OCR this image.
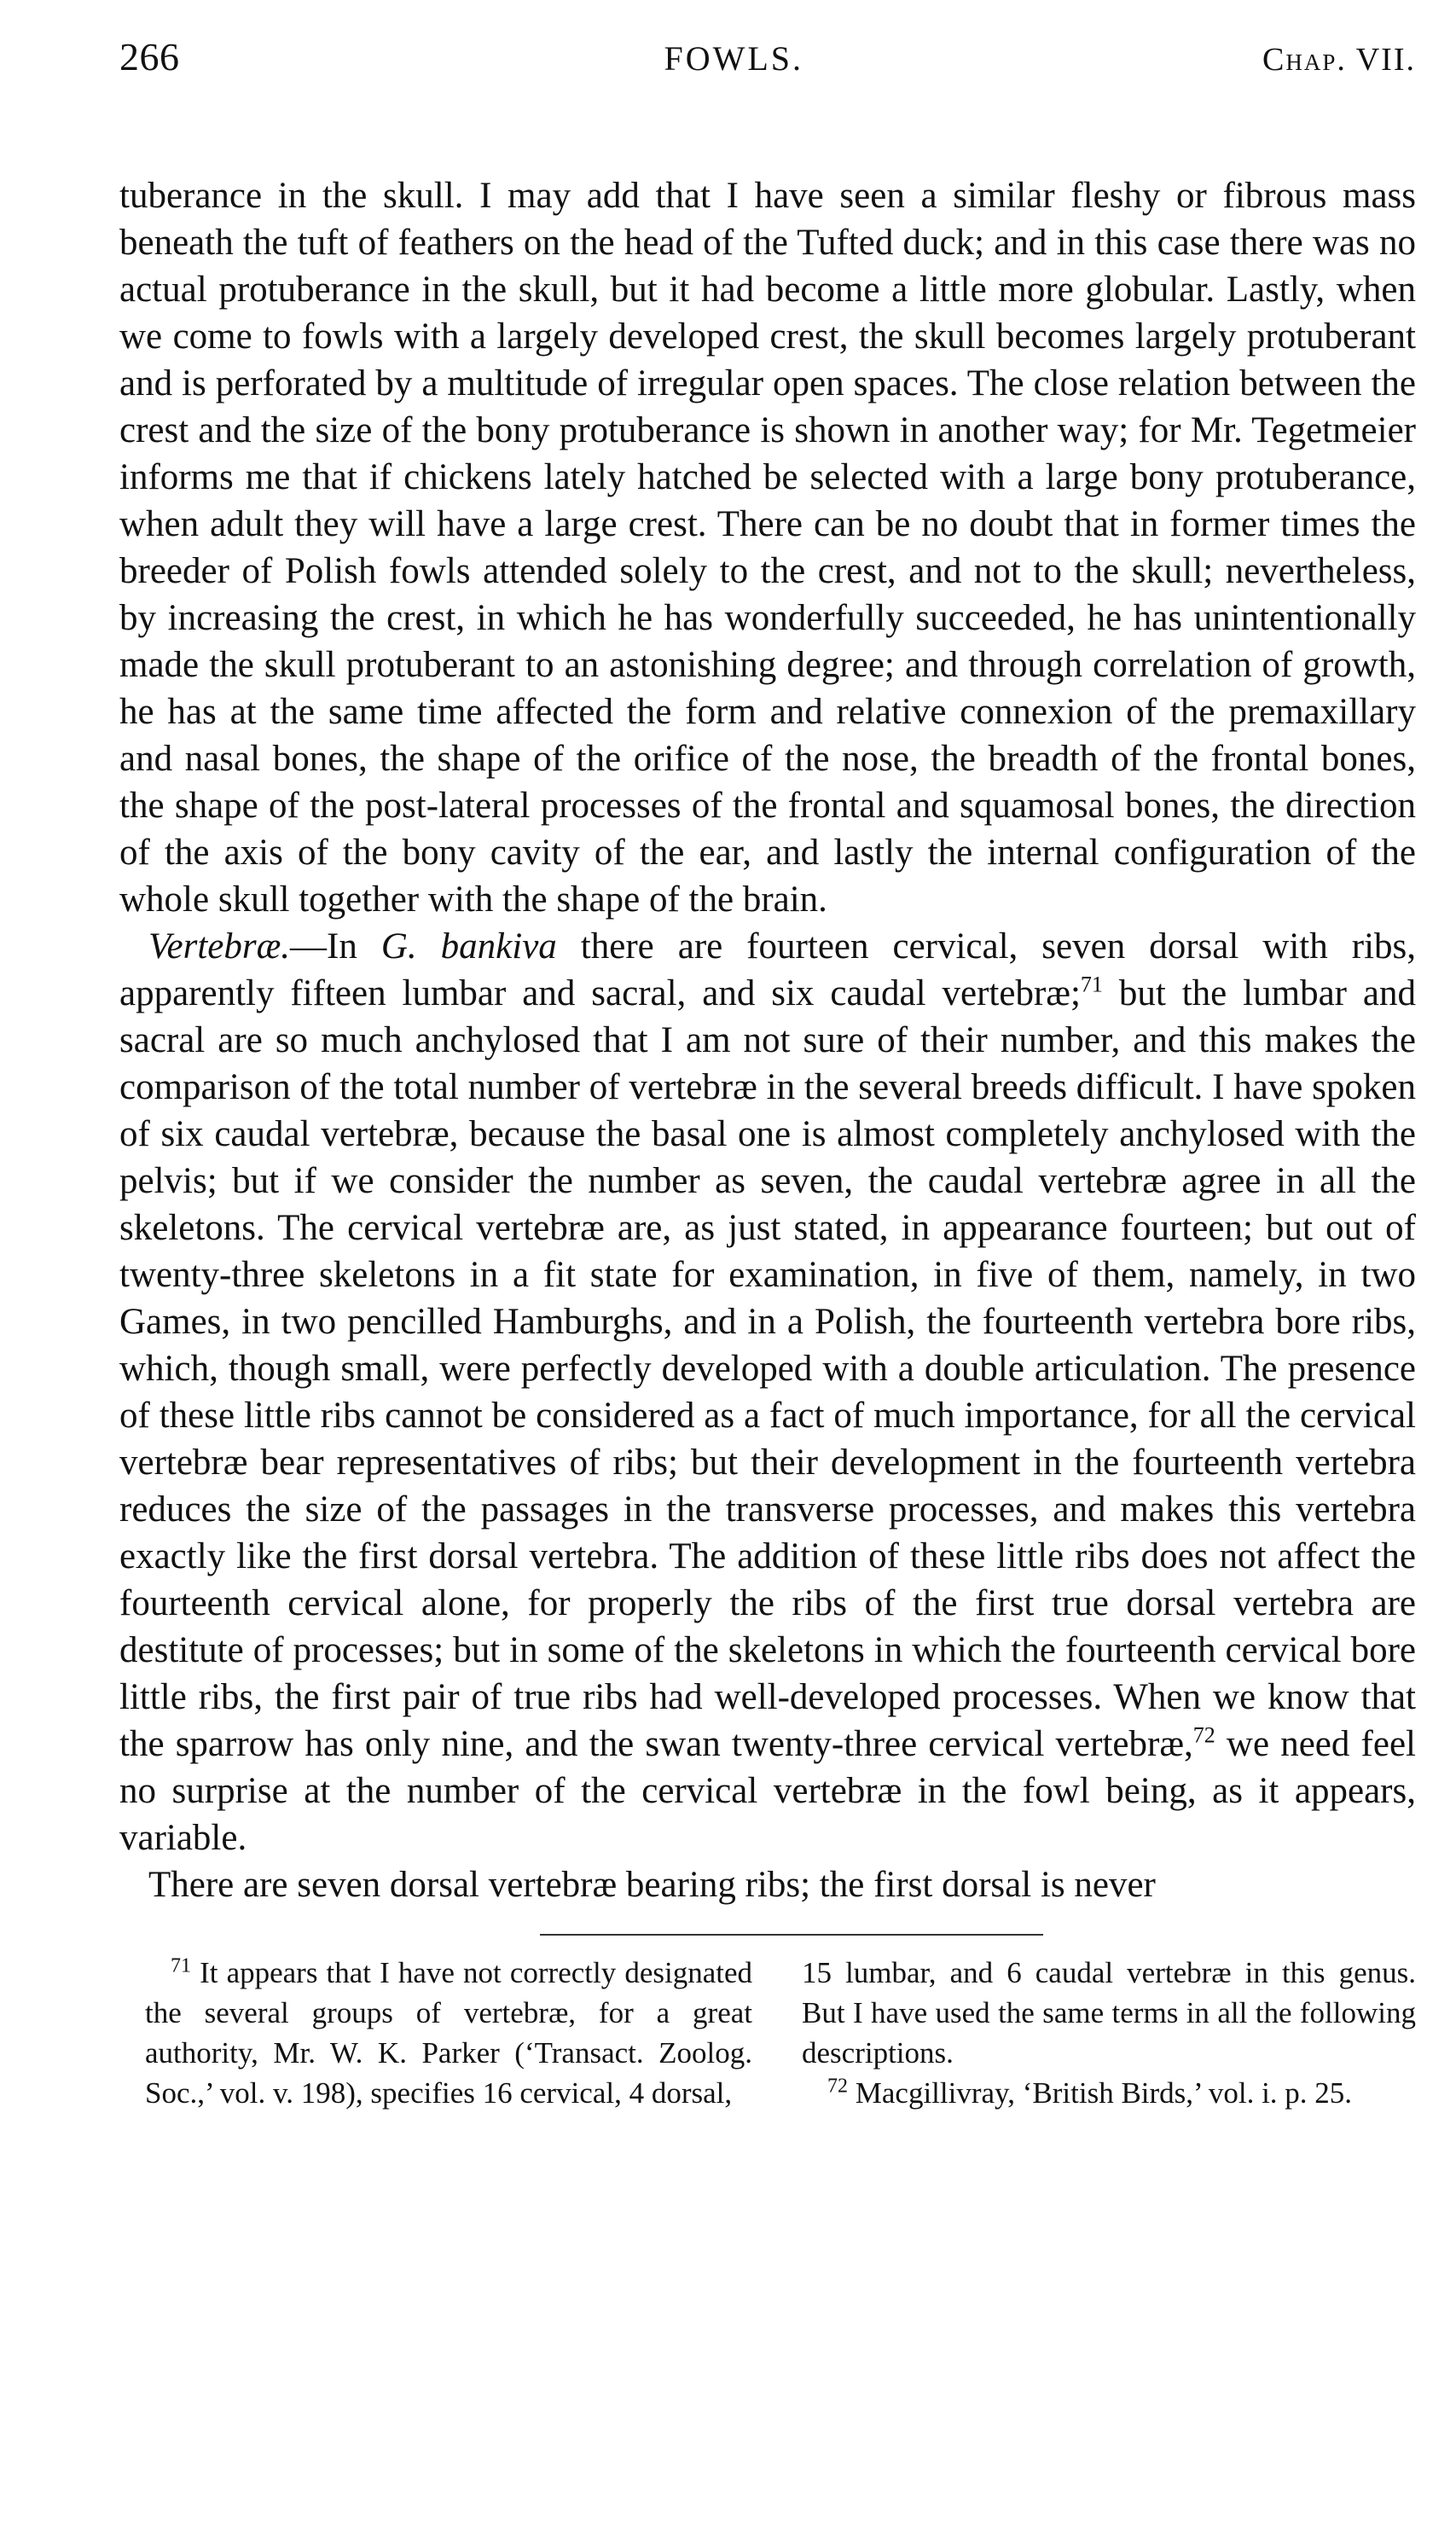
266	FOWLS.	Chap. VII.

tuberance in the skull. I may add that I have seen a similar fleshy or fibrous mass beneath the tuft of feathers on the head of the Tufted duck; and in this case there was no actual protuberance in the skull, but it had become a little more globular. Lastly, when we come to fowls with a largely developed crest, the skull becomes largely protuberant and is perforated by a multitude of irregular open spaces. The close relation between the crest and the size of the bony protuberance is shown in another way; for Mr. Tegetmeier informs me that if chickens lately hatched be selected with a large bony protuberance, when adult they will have a large crest. There can be no doubt that in former times the breeder of Polish fowls attended solely to the crest, and not to the skull; nevertheless, by increasing the crest, in which he has wonderfully succeeded, he has unintentionally made the skull protuberant to an astonishing degree; and through correlation of growth, he has at the same time affected the form and relative connexion of the premaxillary and nasal bones, the shape of the orifice of the nose, the breadth of the frontal bones, the shape of the post-lateral processes of the frontal and squamosal bones, the direction of the axis of the bony cavity of the ear, and lastly the internal configuration of the whole skull together with the shape of the brain.

Vertebræ.—In G. bankiva there are fourteen cervical, seven dorsal with ribs, apparently fifteen lumbar and sacral, and six caudal vertebræ;$^{71}$ but the lumbar and sacral are so much anchylosed that I am not sure of their number, and this makes the comparison of the total number of vertebræ in the several breeds difficult. I have spoken of six caudal vertebræ, because the basal one is almost completely anchylosed with the pelvis; but if we consider the number as seven, the caudal vertebræ agree in all the skeletons. The cervical vertebræ are, as just stated, in appearance fourteen; but out of twenty-three skeletons in a fit state for examination, in five of them, namely, in two Games, in two pencilled Hamburghs, and in a Polish, the fourteenth vertebra bore ribs, which, though small, were perfectly developed with a double articulation. The presence of these little ribs cannot be considered as a fact of much importance, for all the cervical vertebræ bear representatives of ribs; but their development in the fourteenth vertebra reduces the size of the passages in the transverse processes, and makes this vertebra exactly like the first dorsal vertebra. The addition of these little ribs does not affect the fourteenth cervical alone, for properly the ribs of the first true dorsal vertebra are destitute of processes; but in some of the skeletons in which the fourteenth cervical bore little ribs, the first pair of true ribs had well-developed processes. When we know that the sparrow has only nine, and the swan twenty-three cervical vertebræ,$^{72}$ we need feel no surprise at the number of the cervical vertebræ in the fowl being, as it appears, variable.

There are seven dorsal vertebræ bearing ribs; the first dorsal is never

$^{71}$ It appears that I have not correctly designated the several groups of vertebræ, for a great authority, Mr. W. K. Parker (‘Transact. Zoolog. Soc.,’ vol. v. 198), specifies 16 cervical, 4 dorsal,

15 lumbar, and 6 caudal vertebræ in this genus. But I have used the same terms in all the following descriptions.

$^{72}$ Macgillivray, ‘British Birds,’ vol. i. p. 25.
